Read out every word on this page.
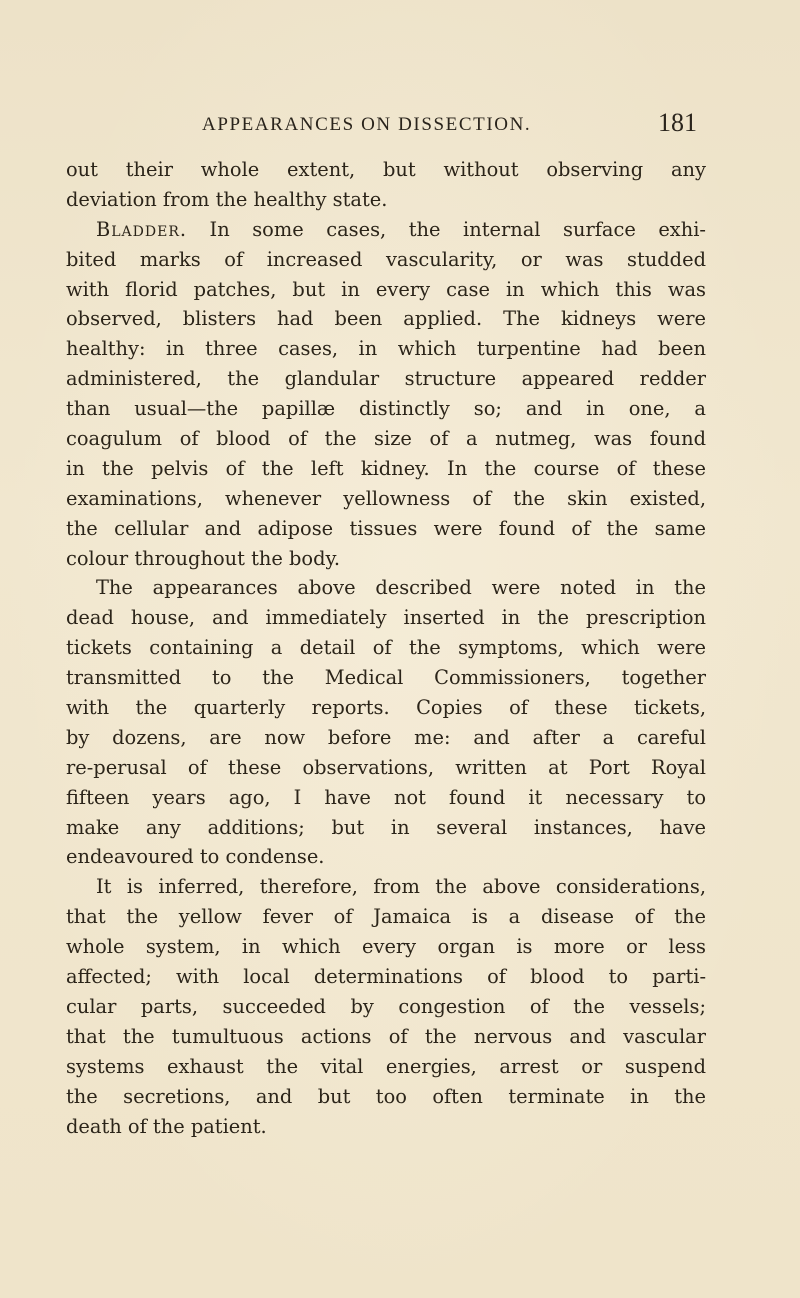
APPEARANCES ON DISSECTION.	181
out their whole extent, but without observing any
deviation from the healthy state.
Bladder. In some cases, the internal surface exhi-
bited marks of increased vascularity, or was studded
with florid patches, but in every case in which this was
observed, blisters had been applied. The kidneys were
healthy: in three cases, in which turpentine had been
administered, the glandular structure appeared redder
than usual—the papillæ distinctly so; and in one, a
coagulum of blood of the size of a nutmeg, was found
in the pelvis of the left kidney. In the course of these
examinations, whenever yellowness of the skin existed,
the cellular and adipose tissues were found of the same
colour throughout the body.
The appearances above described were noted in the
dead house, and immediately inserted in the prescription
tickets containing a detail of the symptoms, which were
transmitted to the Medical Commissioners, together
with the quarterly reports. Copies of these tickets,
by dozens, are now before me: and after a careful
re-perusal of these observations, written at Port Royal
fifteen years ago, I have not found it necessary to
make any additions; but in several instances, have
endeavoured to condense.
It is inferred, therefore, from the above considerations,
that the yellow fever of Jamaica is a disease of the
whole system, in which every organ is more or less
affected; with local determinations of blood to parti-
cular parts, succeeded by congestion of the vessels;
that the tumultuous actions of the nervous and vascular
systems exhaust the vital energies, arrest or suspend
the secretions, and but too often terminate in the
death of the patient.
